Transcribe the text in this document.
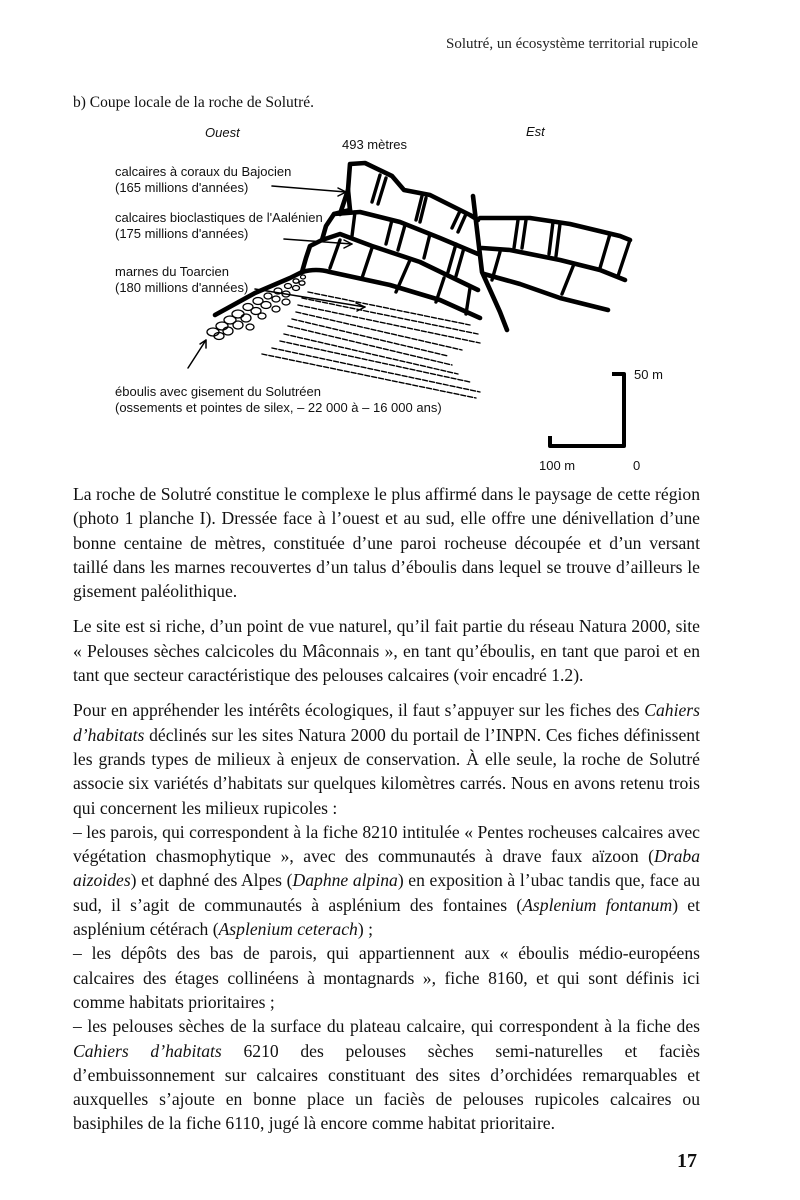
Solutré, un écosystème territorial rupicole
b) Coupe locale de la roche de Solutré.
Ouest	Est
493 mètres
calcaires à coraux du Bajocien
(165 millions d'années)
calcaires bioclastiques de l'Aalénien
(175 millions d'années)
marnes du Toarcien
(180 millions d'années)
éboulis avec gisement du Solutréen
(ossements et pointes de silex, – 22 000 à – 16 000 ans)
50 m
100 m	0

La roche de Solutré constitue le complexe le plus affirmé dans le paysage de cette région (photo 1 planche I). Dressée face à l’ouest et au sud, elle offre une dénivellation d’une bonne centaine de mètres, constituée d’une paroi rocheuse découpée et d’un versant taillé dans les marnes recouvertes d’un talus d’éboulis dans lequel se trouve d’ailleurs le gisement paléolithique.

Le site est si riche, d’un point de vue naturel, qu’il fait partie du réseau Natura 2000, site « Pelouses sèches calcicoles du Mâconnais », en tant qu’éboulis, en tant que paroi et en tant que secteur caractéristique des pelouses calcaires (voir encadré 1.2).

Pour en appréhender les intérêts écologiques, il faut s’appuyer sur les fiches des Cahiers d’habitats déclinés sur les sites Natura 2000 du portail de l’INPN. Ces fiches définissent les grands types de milieux à enjeux de conservation. À elle seule, la roche de Solutré associe six variétés d’habitats sur quelques kilomètres carrés. Nous en avons retenu trois qui concernent les milieux rupicoles :

– les parois, qui correspondent à la fiche 8210 intitulée « Pentes rocheuses calcaires avec végétation chasmophytique », avec des communautés à drave faux aïzoon (Draba aizoides) et daphné des Alpes (Daphne alpina) en exposition à l’ubac tandis que, face au sud, il s’agit de communautés à asplénium des fontaines (Asplenium fontanum) et asplénium cétérach (Asplenium ceterach) ;

– les dépôts des bas de parois, qui appartiennent aux « éboulis médio-européens calcaires des étages collinéens à montagnards », fiche 8160, et qui sont définis ici comme habitats prioritaires ;

– les pelouses sèches de la surface du plateau calcaire, qui correspondent à la fiche des Cahiers d’habitats 6210 des pelouses sèches semi-naturelles et faciès d’embuissonnement sur calcaires constituant des sites d’orchidées remarquables et auxquelles s’ajoute en bonne place un faciès de pelouses rupicoles calcaires ou basiphiles de la fiche 6110, jugé là encore comme habitat prioritaire.

17
